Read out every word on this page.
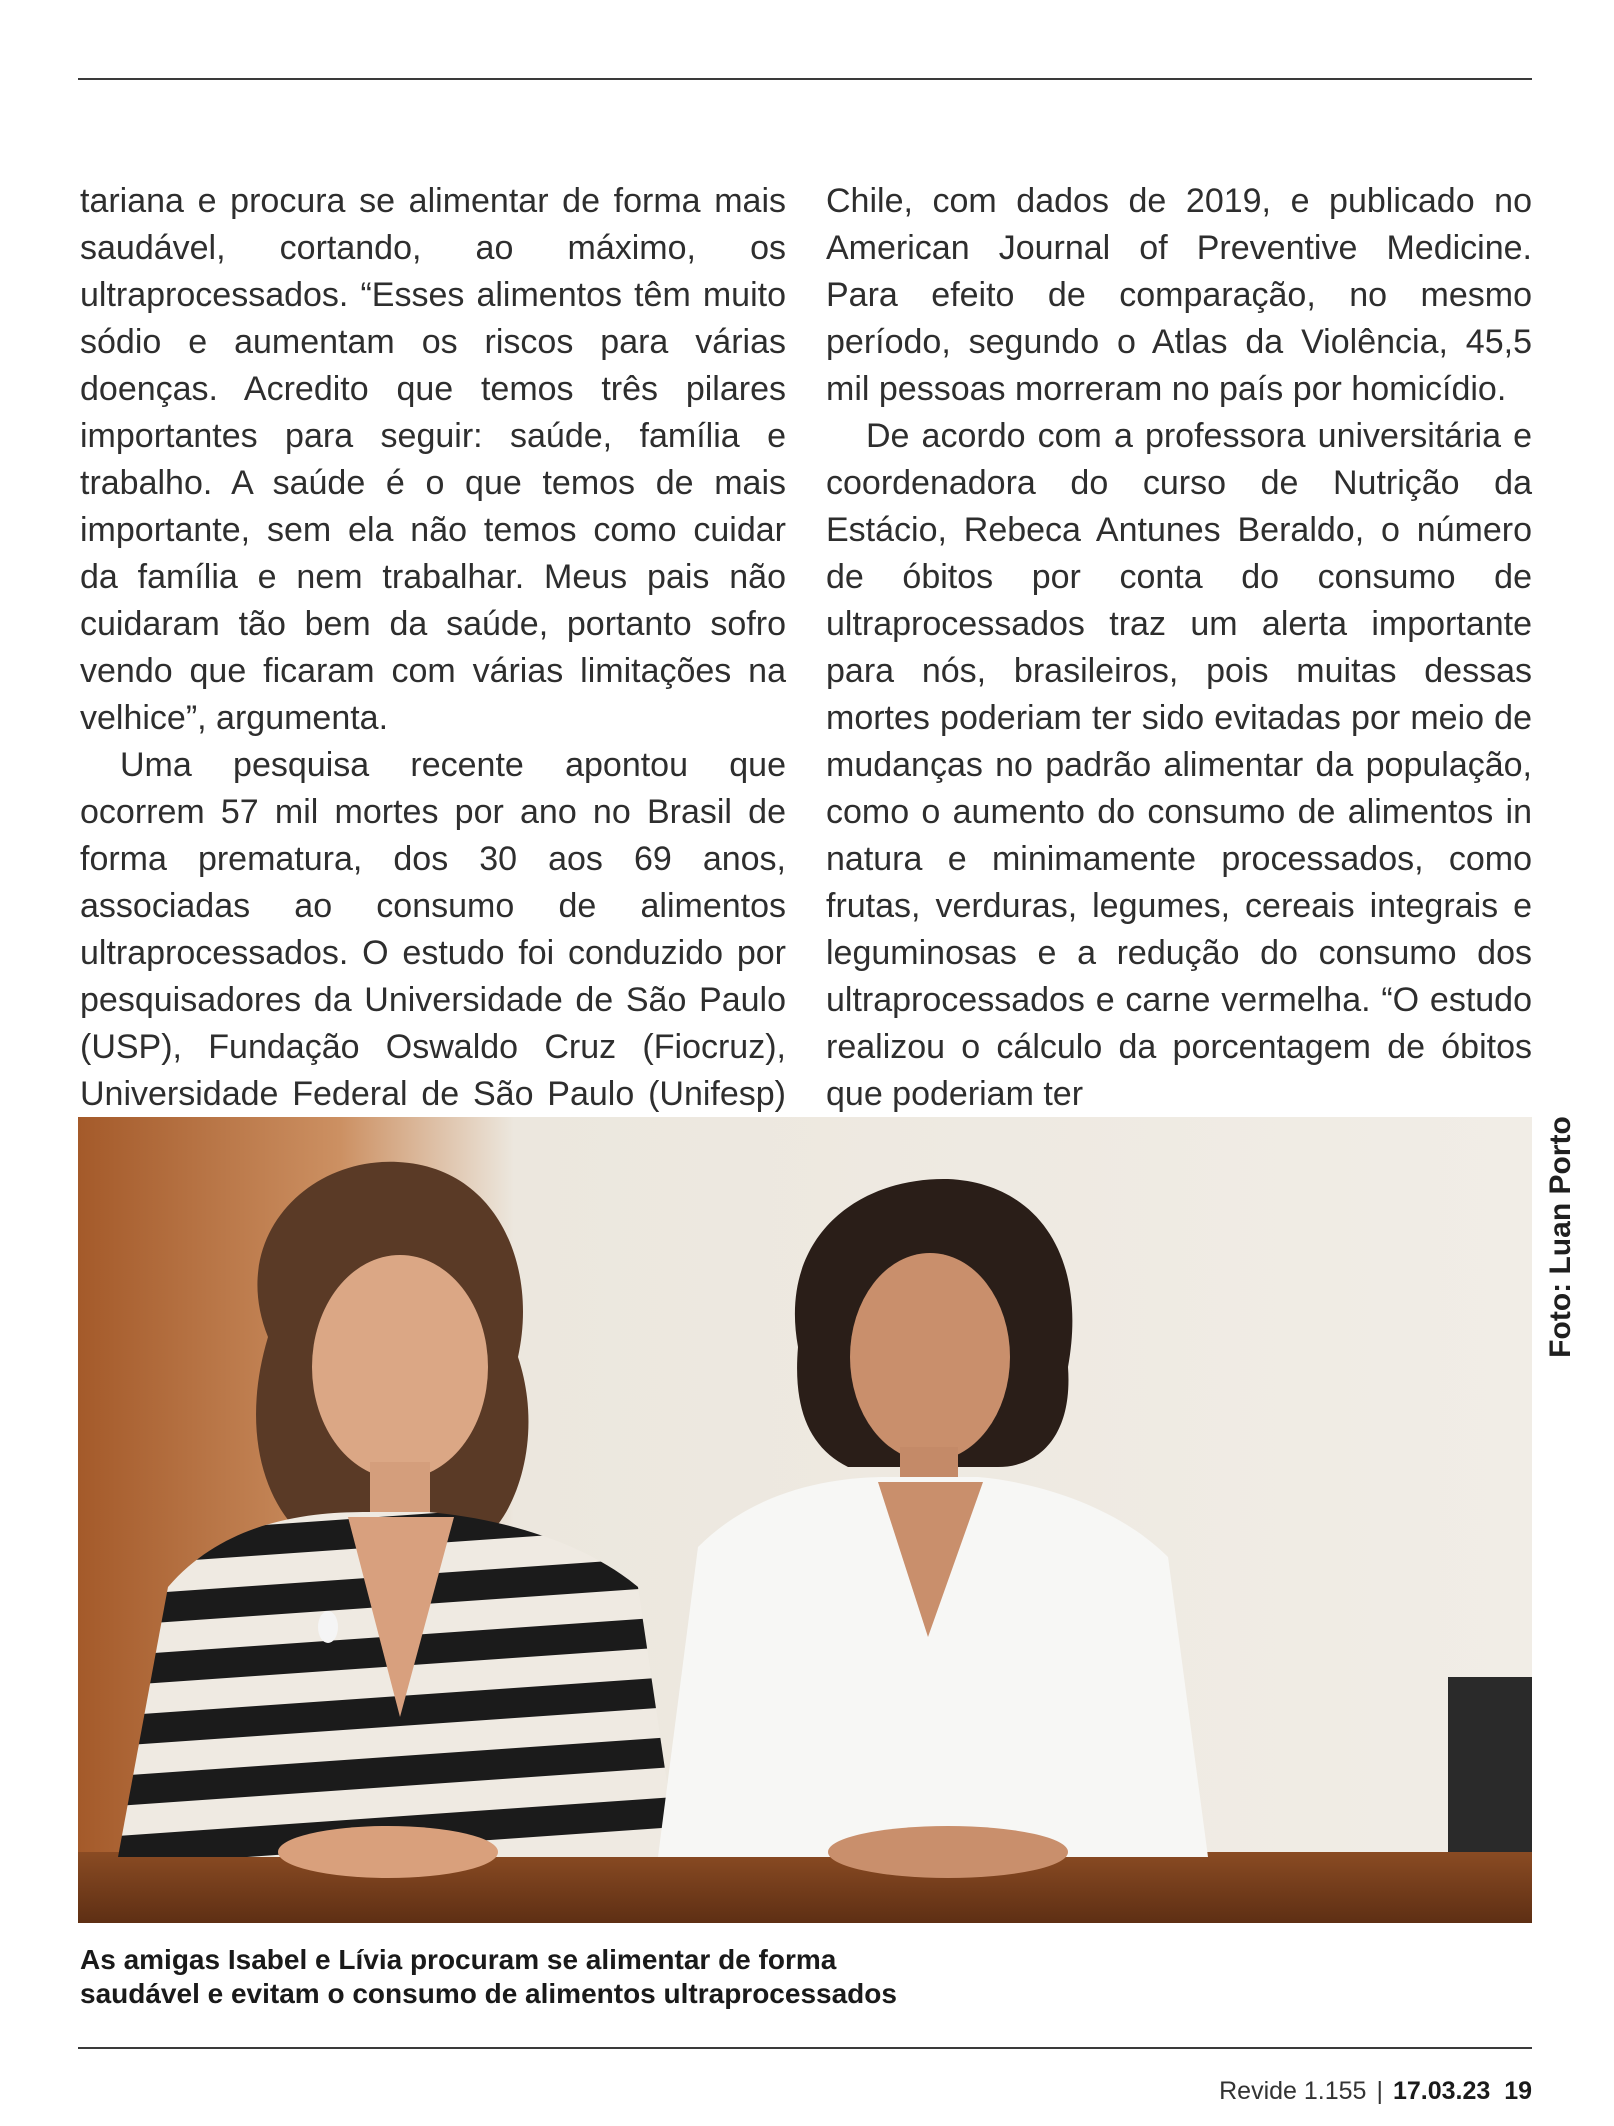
tariana e procura se alimentar de forma mais saudável, cortando, ao máximo, os ultraprocessados. “Esses alimentos têm muito sódio e aumentam os riscos para várias doenças. Acredito que temos três pilares importantes para seguir: saúde, família e trabalho. A saúde é o que temos de mais importante, sem ela não temos como cuidar da família e nem trabalhar. Meus pais não cuidaram tão bem da saúde, portanto sofro vendo que ficaram com várias limitações na velhice”, argumenta.

Uma pesquisa recente apontou que ocorrem 57 mil mortes por ano no Brasil de forma prematura, dos 30 aos 69 anos, associadas ao consumo de alimentos ultraprocessados. O estudo foi conduzido por pesquisadores da Universidade de São Paulo (USP), Fundação Oswaldo Cruz (Fiocruz), Universidade Federal de São Paulo (Unifesp)

Chile, com dados de 2019, e publicado no American Journal of Preventive Medicine. Para efeito de comparação, no mesmo período, segundo o Atlas da Violência, 45,5 mil pessoas morreram no país por homicídio.

De acordo com a professora universitária e coordenadora do curso de Nutrição da Estácio, Rebeca Antunes Beraldo, o número de óbitos por conta do consumo de ultraprocessados traz um alerta importante para nós, brasileiros, pois muitas dessas mortes poderiam ter sido evitadas por meio de mudanças no padrão alimentar da população, como o aumento do consumo de alimentos in natura e minimamente processados, como frutas, verduras, legumes, cereais integrais e leguminosas e a redução do consumo dos ultraprocessados e carne vermelha. “O estudo realizou o cálculo da porcentagem de óbitos que poderiam ter

Foto: Luan Porto
As amigas Isabel e Lívia procuram se alimentar de forma
saudável e evitam o consumo de alimentos ultraprocessados
Revide 1.155 | 17.03.23 19
